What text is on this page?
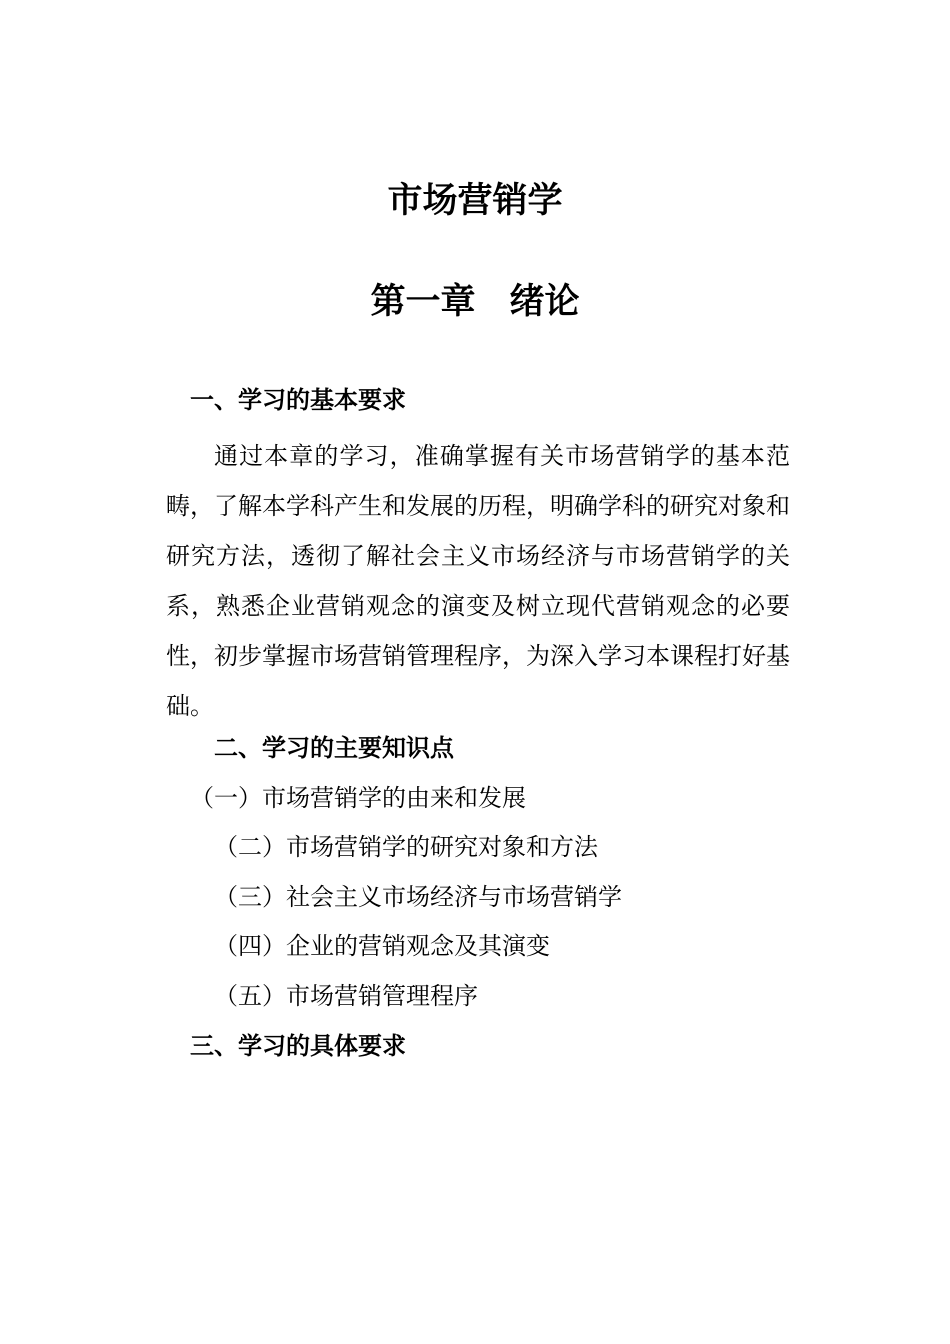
市场营销学
第一章 绪论
一、学习的基本要求

通过本章的学习，准确掌握有关市场营销学的基本范畴，了解本学科产生和发展的历程，明确学科的研究对象和研究方法，透彻了解社会主义市场经济与市场营销学的关系，熟悉企业营销观念的演变及树立现代营销观念的必要性，初步掌握市场营销管理程序，为深入学习本课程打好基础。

二、学习的主要知识点
（一）市场营销学的由来和发展
（二）市场营销学的研究对象和方法
（三）社会主义市场经济与市场营销学
（四）企业的营销观念及其演变
（五）市场营销管理程序
三、学习的具体要求
